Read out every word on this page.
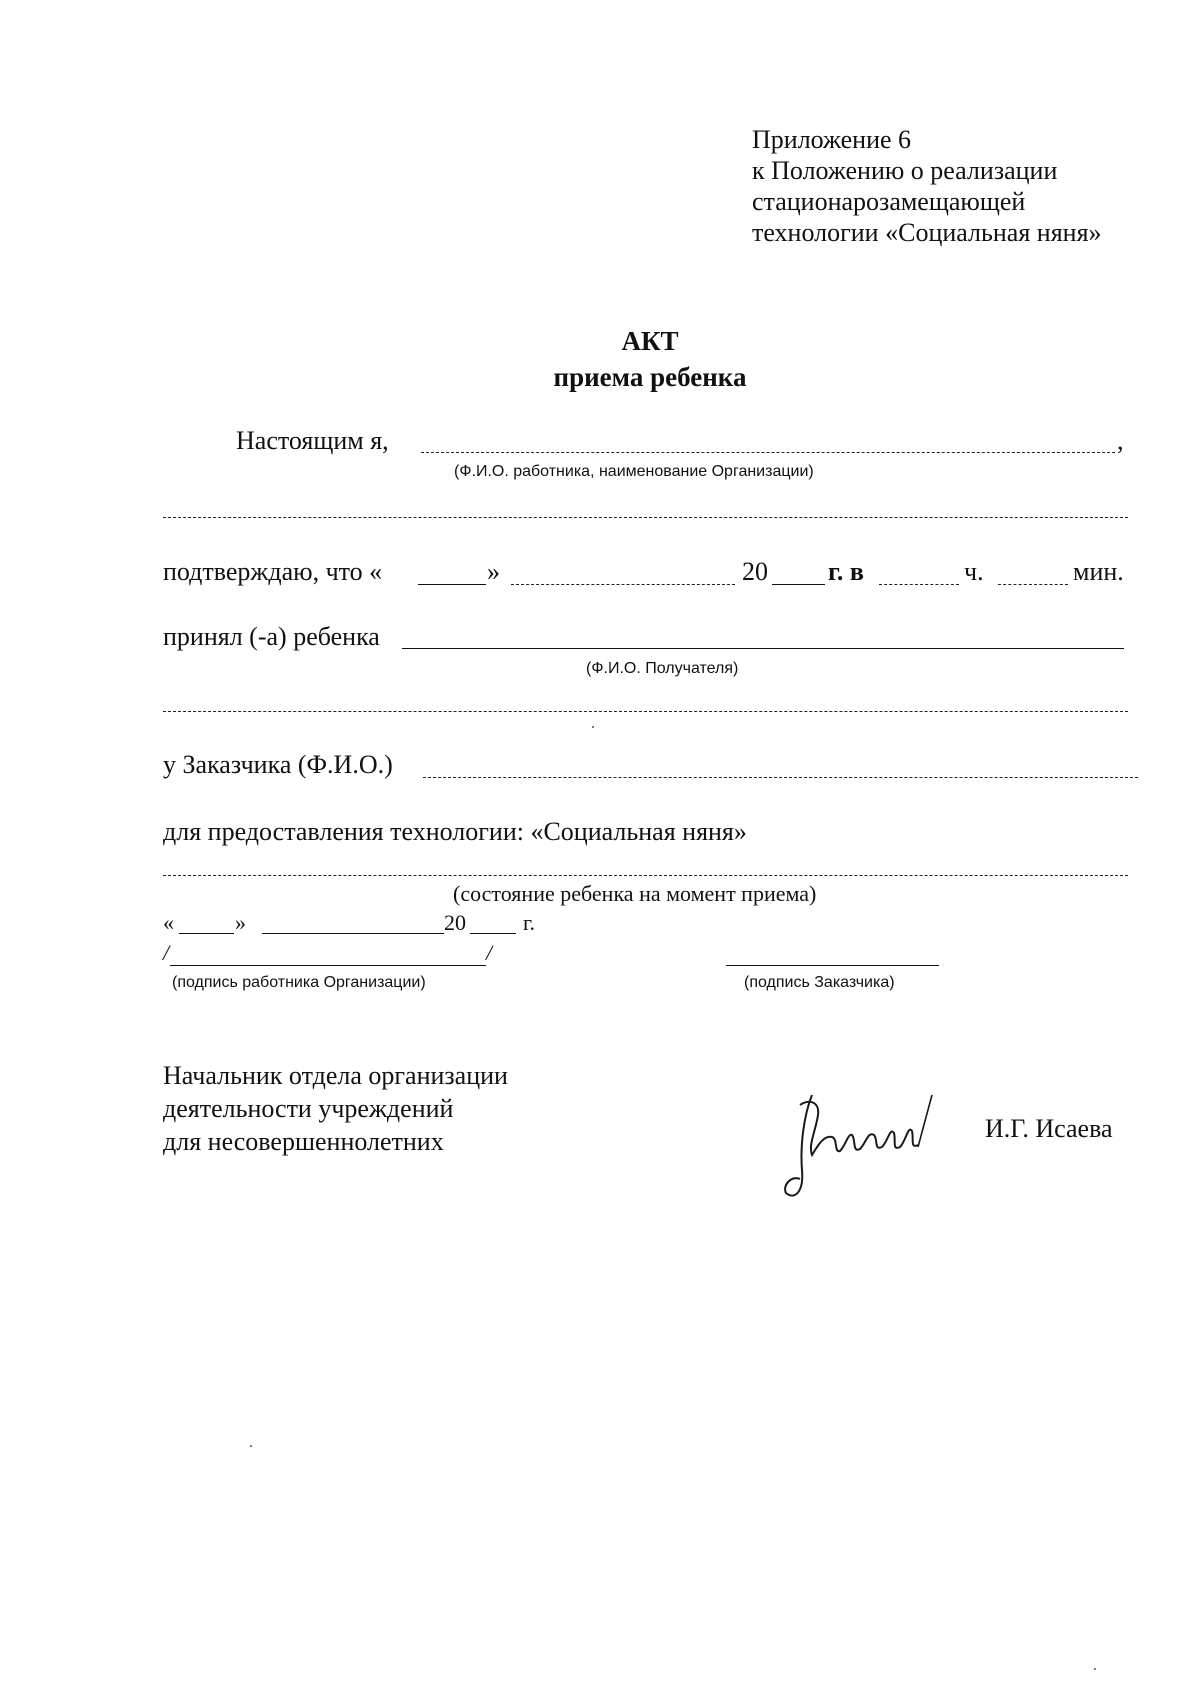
Приложение 6
к Положению о реализации
стационарозамещающей
технологии «Социальная няня»
АКТ
приема ребенка
Настоящим я,	,
(Ф.И.О. работника, наименование Организации)
подтверждаю, что «	»	20 г. в	ч.	мин.
принял (-а) ребенка
(Ф.И.О. Получателя)
у Заказчика (Ф.И.О.)
для предоставления технологии: «Социальная няня»
(состояние ребенка на момент приема)
«	»	20	г.
/	/
(подпись работника Организации)	(подпись Заказчика)
Начальник отдела организации
деятельности учреждений
для несовершеннолетних	И.Г. Исаева
